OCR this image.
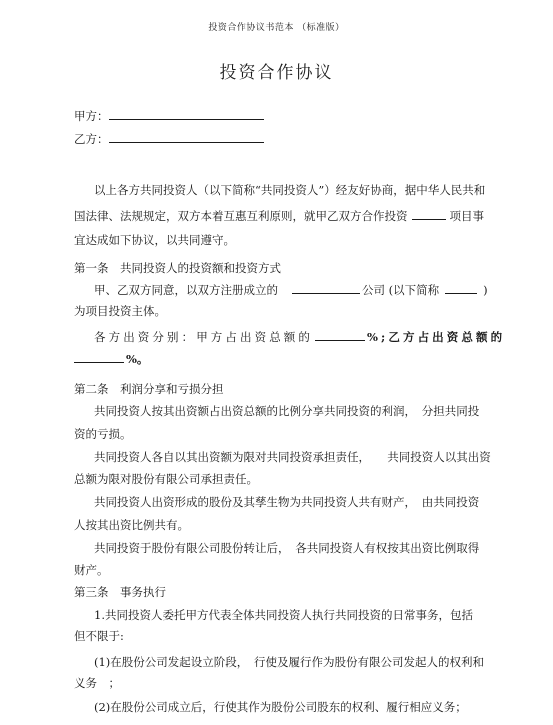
投资合作协议书范本 （标准版）
投资合作协议
甲方：
乙方：
以上各方共同投资人（以下简称“共同投资人”）经友好协商，据中华人民共和
国法律、法规规定，双方本着互惠互利原则，就甲乙双方合作投资	项目事
宜达成如下协议，以共同遵守。
第一条　共同投资人的投资额和投资方式
甲、乙双方同意，以双方注册成立的	公司 (以下简称	)
为项目投资主体。
各方出资分别：甲方占出资总额的	%;乙方占出资总额的
%。
第二条　利润分享和亏损分担
共同投资人按其出资额占出资总额的比例分享共同投资的利润，　分担共同投
资的亏损。
共同投资人各自以其出资额为限对共同投资承担责任，　　共同投资人以其出资
总额为限对股份有限公司承担责任。
共同投资人出资形成的股份及其孳生物为共同投资人共有财产，　由共同投资
人按其出资比例共有。
共同投资于股份有限公司股份转让后，　各共同投资人有权按其出资比例取得
财产。
第三条　事务执行
1.共同投资人委托甲方代表全体共同投资人执行共同投资的日常事务，包括
但不限于:
(1)在股份公司发起设立阶段，　行使及履行作为股份有限公司发起人的权利和
义务　；
(2)在股份公司成立后，行使其作为股份公司股东的权利、履行相应义务；
